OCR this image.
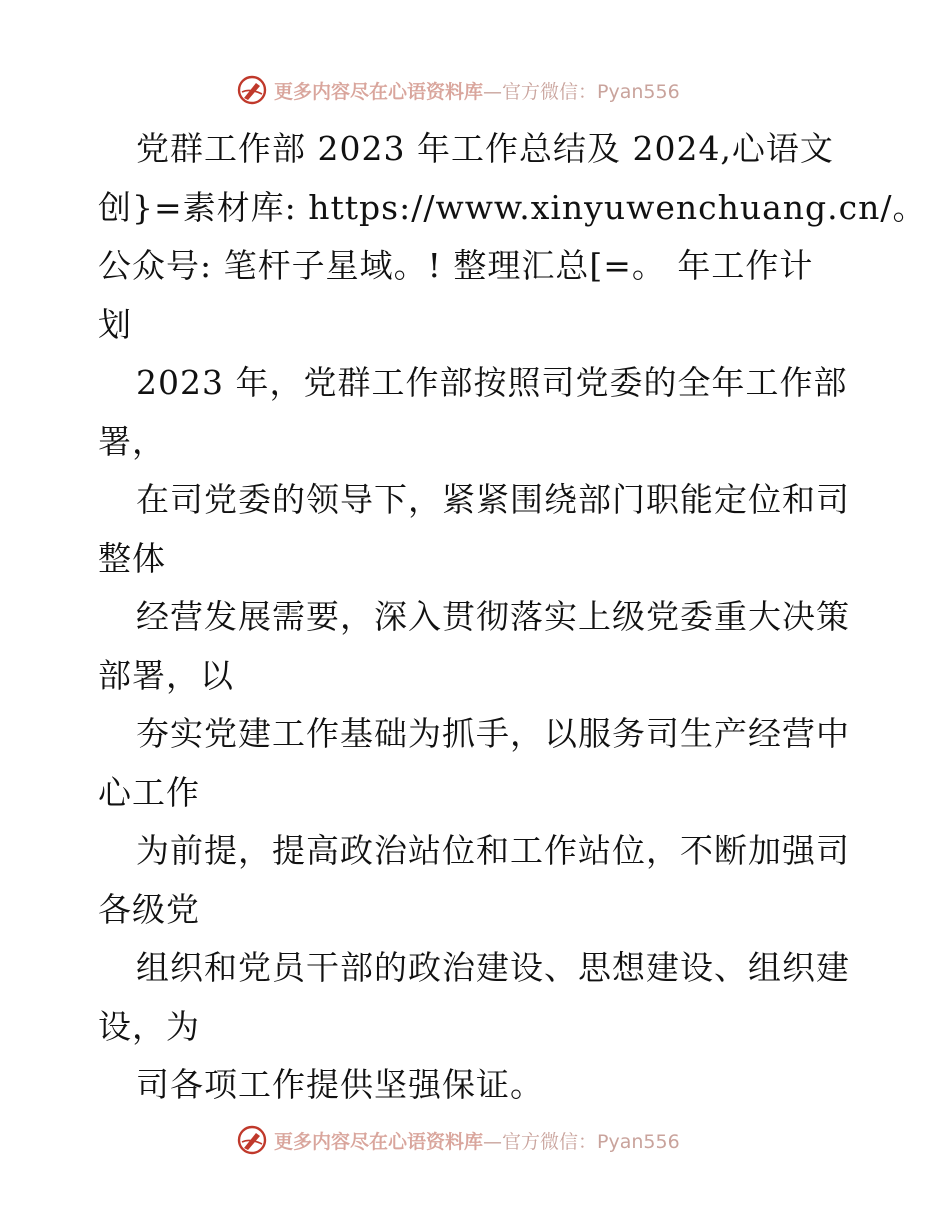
更多内容尽在心语资料库 —官方微信：Pyan556
党群工作部 2023 年工作总结及 2024,心语文
创}=素材库: https://www.xinyuwenchuang.cn/。
公众号: 笔杆子星域。! 整理汇总[=。 年工作计
划
2023 年，党群工作部按照司党委的全年工作部
署，
在司党委的领导下，紧紧围绕部门职能定位和司
整体
经营发展需要，深入贯彻落实上级党委重大决策
部署，以
夯实党建工作基础为抓手，以服务司生产经营中
心工作
为前提，提高政治站位和工作站位，不断加强司
各级党
组织和党员干部的政治建设、思想建设、组织建
设，为
司各项工作提供坚强保证。
更多内容尽在心语资料库 —官方微信：Pyan556
